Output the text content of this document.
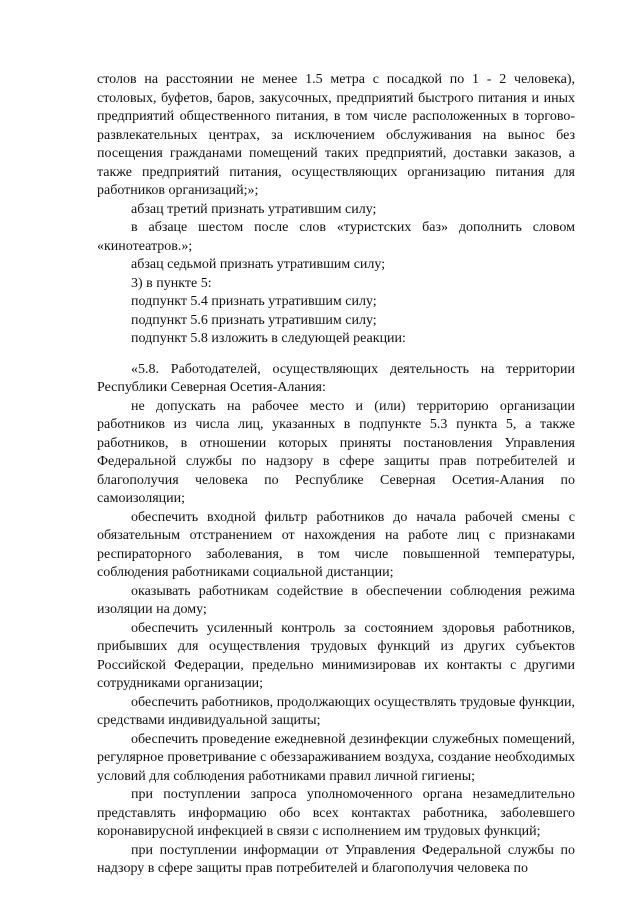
столов на расстоянии не менее 1.5 метра с посадкой по 1 - 2 человека), столовых, буфетов, баров, закусочных, предприятий быстрого питания и иных предприятий общественного питания, в том числе расположенных в торгово-развлекательных центрах, за исключением обслуживания на вынос без посещения гражданами помещений таких предприятий, доставки заказов, а также предприятий питания, осуществляющих организацию питания для работников организаций;»;

абзац третий признать утратившим силу;

в абзаце шестом после слов «туристских баз» дополнить словом «кинотеатров.»;

абзац седьмой признать утратившим силу;

3) в пункте 5:

подпункт 5.4 признать утратившим силу;

подпункт 5.6 признать утратившим силу;

подпункт 5.8 изложить в следующей реакции:

«5.8. Работодателей, осуществляющих деятельность на территории Республики Северная Осетия-Алания:

не допускать на рабочее место и (или) территорию организации работников из числа лиц, указанных в подпункте 5.3 пункта 5, а также работников, в отношении которых приняты постановления Управления Федеральной службы по надзору в сфере защиты прав потребителей и благополучия человека по Республике Северная Осетия-Алания по самоизоляции;

обеспечить входной фильтр работников до начала рабочей смены с обязательным отстранением от нахождения на работе лиц с признаками респираторного заболевания, в том числе повышенной температуры, соблюдения работниками социальной дистанции;

оказывать работникам содействие в обеспечении соблюдения режима изоляции на дому;

обеспечить усиленный контроль за состоянием здоровья работников, прибывших для осуществления трудовых функций из других субъектов Российской Федерации, предельно минимизировав их контакты с другими сотрудниками организации;

обеспечить работников, продолжающих осуществлять трудовые функции, средствами индивидуальной защиты;

обеспечить проведение ежедневной дезинфекции служебных помещений, регулярное проветривание с обеззараживанием воздуха, создание необходимых условий для соблюдения работниками правил личной гигиены;

при поступлении запроса уполномоченного органа незамедлительно представлять информацию обо всех контактах работника, заболевшего коронавирусной инфекцией в связи с исполнением им трудовых функций;

при поступлении информации от Управления Федеральной службы по надзору в сфере защиты прав потребителей и благополучия человека по
